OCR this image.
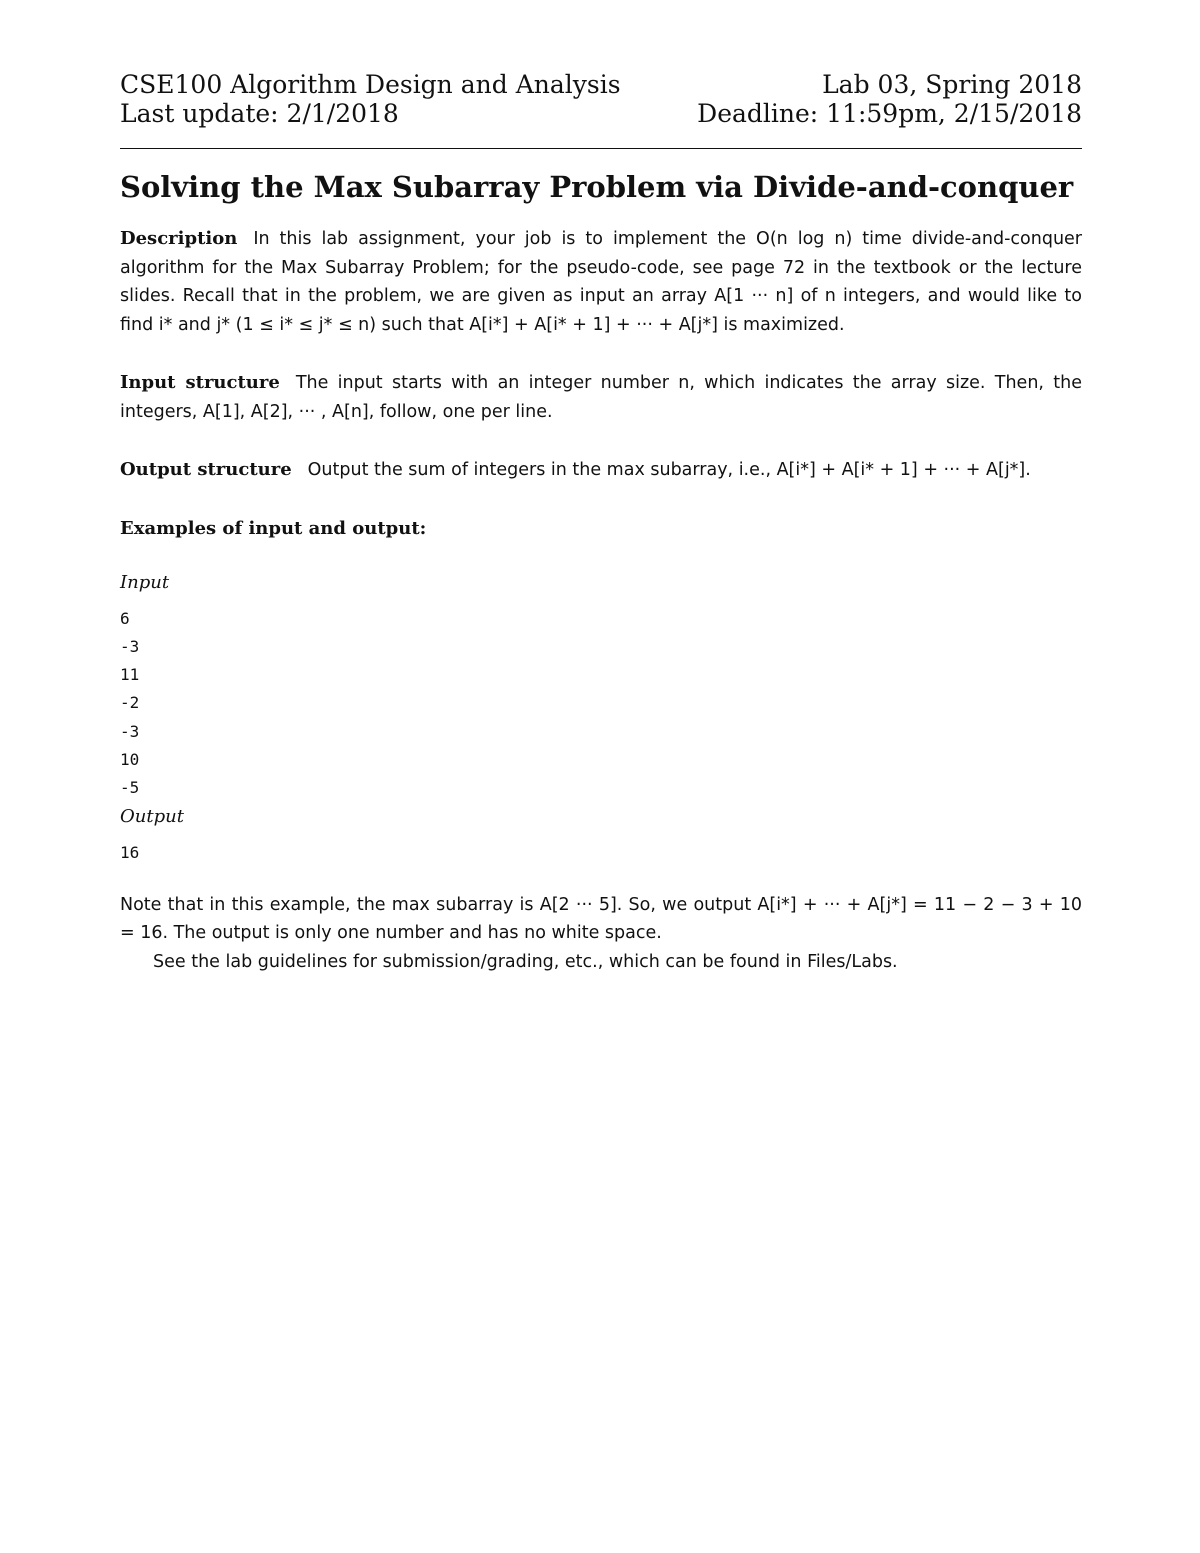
CSE100 Algorithm Design and Analysis	Lab 03, Spring 2018
Last update: 2/1/2018	Deadline: 11:59pm, 2/15/2018
Solving the Max Subarray Problem via Divide-and-conquer

Description In this lab assignment, your job is to implement the O(n log n) time divide-and-conquer algorithm for the Max Subarray Problem; for the pseudo-code, see page 72 in the textbook or the lecture slides. Recall that in the problem, we are given as input an array A[1 ··· n] of n integers, and would like to find i* and j* (1 ≤ i* ≤ j* ≤ n) such that A[i*] + A[i* + 1] + ··· + A[j*] is maximized.

Input structure The input starts with an integer number n, which indicates the array size. Then, the integers, A[1], A[2], ··· , A[n], follow, one per line.

Output structure Output the sum of integers in the max subarray, i.e., A[i*] + A[i* + 1] + ··· + A[j*].

Examples of input and output:

Input
6
-3
11
-2
-3
10
-5
Output
16

Note that in this example, the max subarray is A[2 ··· 5]. So, we output A[i*] + ··· + A[j*] = 11 − 2 − 3 + 10 = 16. The output is only one number and has no white space.

See the lab guidelines for submission/grading, etc., which can be found in Files/Labs.
